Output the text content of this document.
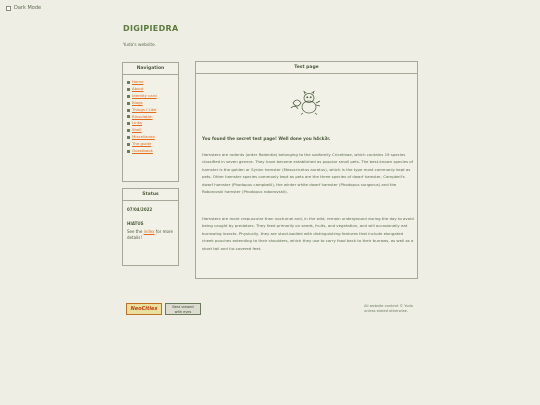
Dark Mode
DIGIPIEDRA
Yuda's website.
Navigation
Home
About
Identity card
Blogs
Things I Like
Rinsolatim
Links
Shell
Miscellanea
The guide
Guestbook
Status
07/04/2022
HIATUS
See the index for more details!
Test page
You found the secret test page! Well done you h4ck3r.
Hamsters are rodents (order Rodentia) belonging to the subfamily Cricetinae, which contains 19 species classified in seven genera. They have become established as popular small pets. The best-known species of hamster is the golden or Syrian hamster (Mesocricetus auratus), which is the type most commonly kept as pets. Other hamster species commonly kept as pets are the three species of dwarf hamster, Campbell's dwarf hamster (Phodopus campbelli), the winter white dwarf hamster (Phodopus sungorus) and the Roborovski hamster (Phodopus roborovskii).
Hamsters are more crepuscular than nocturnal and, in the wild, remain underground during the day to avoid being caught by predators. They feed primarily on seeds, fruits, and vegetation, and will occasionally eat burrowing insects. Physically, they are stout-bodied with distinguishing features that include elongated cheek pouches extending to their shoulders, which they use to carry food back to their burrows, as well as a short tail and fur-covered feet.
NeoCities	Best viewed
with eyes
All website content © Yuda
unless stated otherwise.
